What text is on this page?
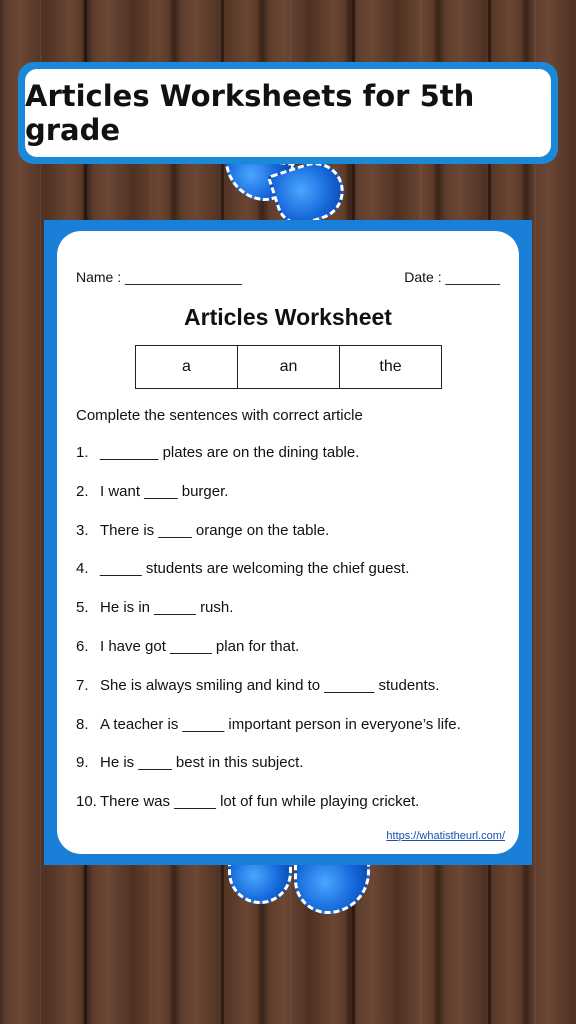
Articles Worksheets for 5th grade
Name : _______________	Date : _______
Articles Worksheet
a	an	the
Complete the sentences with correct article
1. _______ plates are on the dining table.
2. I want ____ burger.
3. There is ____ orange on the table.
4. _____ students are welcoming the chief guest.
5. He is in _____ rush.
6. I have got _____ plan for that.
7. She is always smiling and kind to ______ students.
8. A teacher is _____ important person in everyone’s life.
9. He is ____ best in this subject.
10. There was _____ lot of fun while playing cricket.
https://whatistheurl.com/
